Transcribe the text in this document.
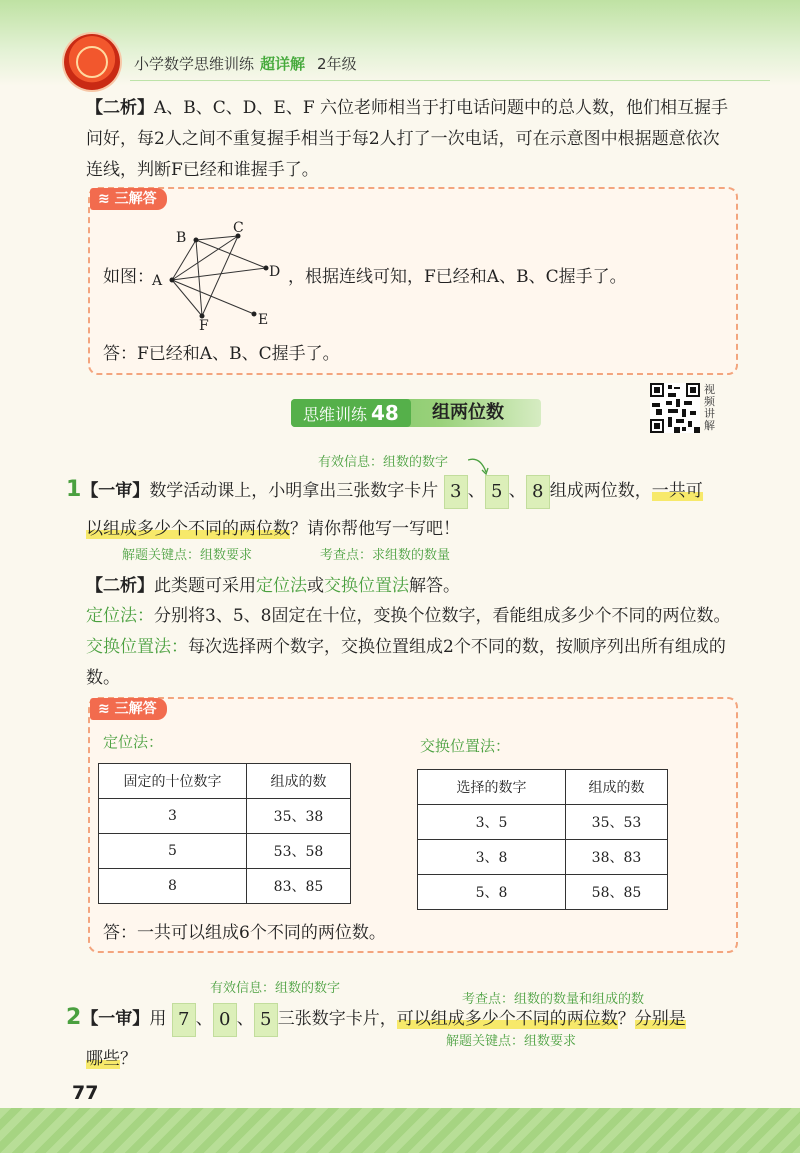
小学数学思维训练 超详解 2年级
【二析】A、B、C、D、E、F 六位老师相当于打电话问题中的总人数，他们相互握手问好，每2人之间不重复握手相当于每2人打了一次电话，可在示意图中根据题意依次连线，判断F已经和谁握手了。
≋ 三解答
如图：
A
B
C
D
E
F
，根据连线可知，F已经和A、B、C握手了。
答：F已经和A、B、C握手了。
思维训练 48	组两位数
视频讲解
有效信息：组数的数字
1【一审】数学活动课上，小明拿出三张数字卡片 3 、 5 、 8 组成两位数，一共可
以组成多少个不同的两位数？请你帮他写一写吧！
解题关键点：组数要求	考查点：求组数的数量
【二析】此类题可采用定位法或交换位置法解答。
定位法：分别将3、5、8固定在十位，变换个位数字，看能组成多少个不同的两位数。
交换位置法：每次选择两个数字，交换位置组成2个不同的数，按顺序列出所有组成的数。
≋ 三解答
定位法：	交换位置法：
固定的十位数字	组成的数
3	35、38
5	53、58
8	83、85
选择的数字	组成的数
3、5	35、53
3、8	38、83
5、8	58、85
答：一共可以组成6个不同的两位数。
有效信息：组数的数字
考查点：组数的数量和组成的数
2【一审】用 7 、 0 、 5 三张数字卡片，可以组成多少个不同的两位数？分别是
解题关键点：组数要求
哪些？
77
